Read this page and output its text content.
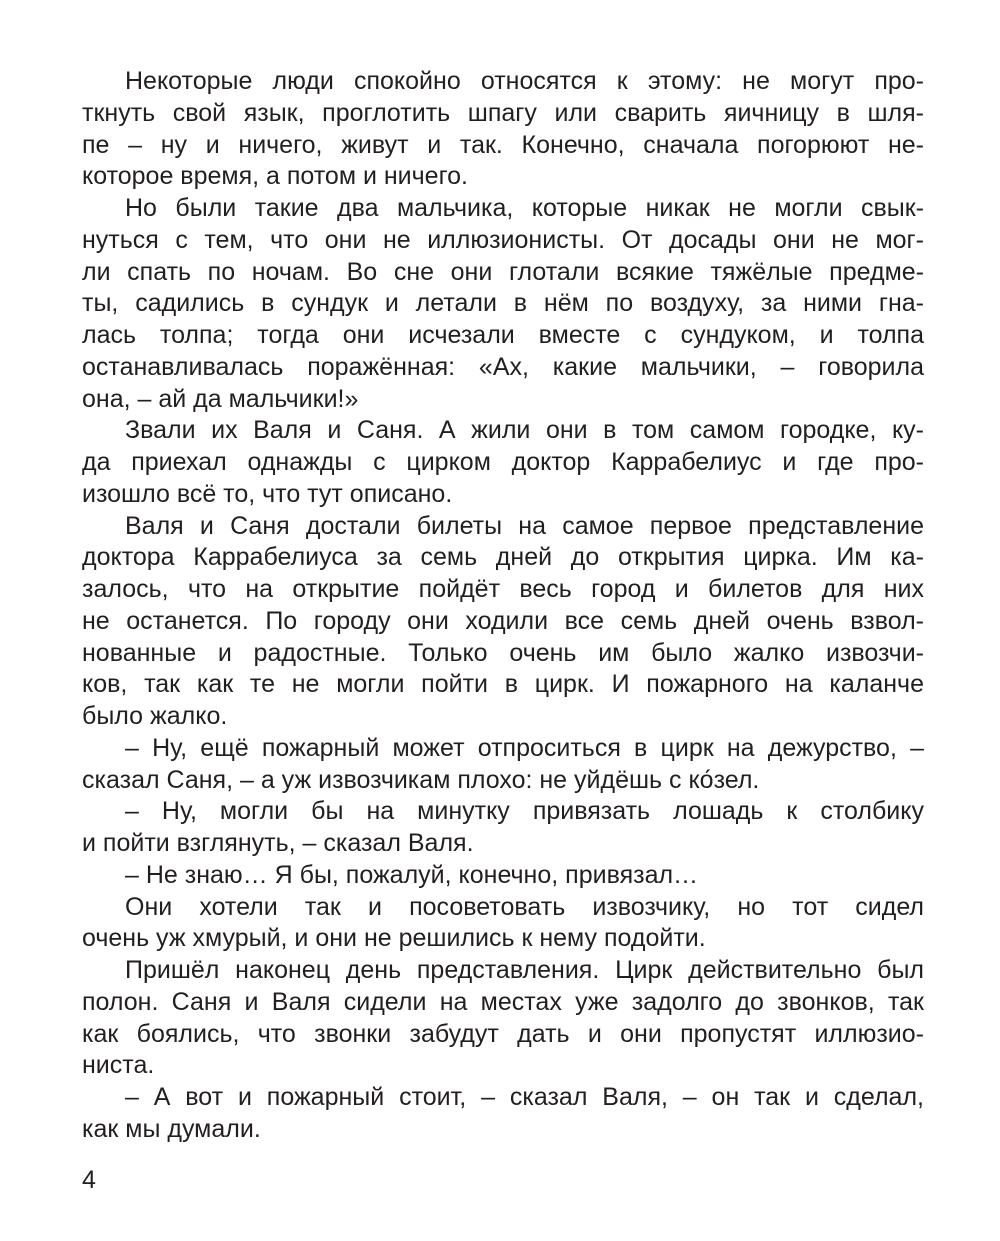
Некоторые люди спокойно относятся к этому: не могут про-
ткнуть свой язык, проглотить шпагу или сварить яичницу в шля-
пе – ну и ничего, живут и так. Конечно, сначала погорюют не-
которое время, а потом и ничего.
Но были такие два мальчика, которые никак не могли свык-
нуться с тем, что они не иллюзионисты. От досады они не мог-
ли спать по ночам. Во сне они глотали всякие тяжёлые предме-
ты, садились в сундук и летали в нём по воздуху, за ними гна-
лась толпа; тогда они исчезали вместе с сундуком, и толпа
останавливалась поражённая: «Ах, какие мальчики, – говорила
она, – ай да мальчики!»
Звали их Валя и Саня. А жили они в том самом городке, ку-
да приехал однажды с цирком доктор Каррабелиус и где про-
изошло всё то, что тут описано.
Валя и Саня достали билеты на самое первое представление
доктора Каррабелиуса за семь дней до открытия цирка. Им ка-
залось, что на открытие пойдёт весь город и билетов для них
не останется. По городу они ходили все семь дней очень взвол-
нованные и радостные. Только очень им было жалко извозчи-
ков, так как те не могли пойти в цирк. И пожарного на каланче
было жалко.
– Ну, ещё пожарный может отпроситься в цирк на дежурство, –
сказал Саня, – а уж извозчикам плохо: не уйдёшь с ко́зел.
– Ну, могли бы на минутку привязать лошадь к столбику
и пойти взглянуть, – сказал Валя.
– Не знаю… Я бы, пожалуй, конечно, привязал…
Они хотели так и посоветовать извозчику, но тот сидел
очень уж хмурый, и они не решились к нему подойти.
Пришёл наконец день представления. Цирк действительно был
полон. Саня и Валя сидели на местах уже задолго до звонков, так
как боялись, что звонки забудут дать и они пропустят иллюзио-
ниста.
– А вот и пожарный стоит, – сказал Валя, – он так и сделал,
как мы думали.
4
